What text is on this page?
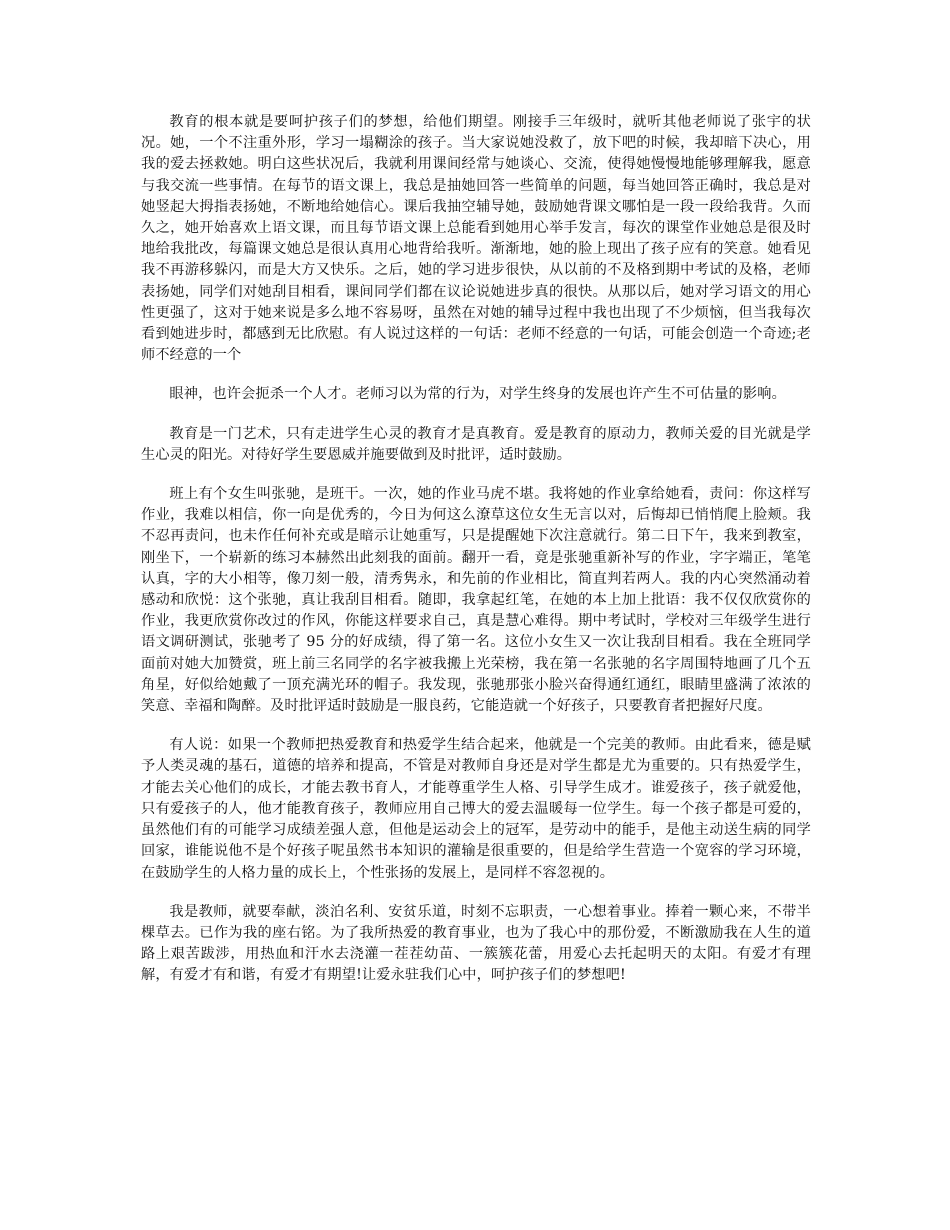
教育的根本就是要呵护孩子们的梦想，给他们期望。刚接手三年级时，就听其他老师说了张宇的状况。她，一个不注重外形，学习一塌糊涂的孩子。当大家说她没救了，放下吧的时候，我却暗下决心，用我的爱去拯救她。明白这些状况后，我就利用课间经常与她谈心、交流，使得她慢慢地能够理解我，愿意与我交流一些事情。在每节的语文课上，我总是抽她回答一些简单的问题，每当她回答正确时，我总是对她竖起大拇指表扬她，不断地给她信心。课后我抽空辅导她，鼓励她背课文哪怕是一段一段给我背。久而久之，她开始喜欢上语文课，而且每节语文课上总能看到她用心举手发言，每次的课堂作业她总是很及时地给我批改，每篇课文她总是很认真用心地背给我听。渐渐地，她的脸上现出了孩子应有的笑意。她看见我不再游移躲闪，而是大方又快乐。之后，她的学习进步很快，从以前的不及格到期中考试的及格，老师表扬她，同学们对她刮目相看，课间同学们都在议论说她进步真的很快。从那以后，她对学习语文的用心性更强了，这对于她来说是多么地不容易呀，虽然在对她的辅导过程中我也出现了不少烦恼，但当我每次看到她进步时，都感到无比欣慰。有人说过这样的一句话：老师不经意的一句话，可能会创造一个奇迹;老师不经意的一个

眼神，也许会扼杀一个人才。老师习以为常的行为，对学生终身的发展也许产生不可估量的影响。

教育是一门艺术，只有走进学生心灵的教育才是真教育。爱是教育的原动力，教师关爱的目光就是学生心灵的阳光。对待好学生要恩威并施要做到及时批评，适时鼓励。

班上有个女生叫张驰，是班干。一次，她的作业马虎不堪。我将她的作业拿给她看，责问：你这样写作业，我难以相信，你一向是优秀的，今日为何这么潦草这位女生无言以对，后悔却已悄悄爬上脸颊。我不忍再责问，也未作任何补充或是暗示让她重写，只是提醒她下次注意就行。第二日下午，我来到教室，刚坐下，一个崭新的练习本赫然出此刻我的面前。翻开一看，竟是张驰重新补写的作业，字字端正，笔笔认真，字的大小相等，像刀刻一般，清秀隽永，和先前的作业相比，简直判若两人。我的内心突然涌动着感动和欣悦：这个张驰，真让我刮目相看。随即，我拿起红笔，在她的本上加上批语：我不仅仅欣赏你的作业，我更欣赏你改过的作风，你能这样要求自己，真是慧心难得。期中考试时，学校对三年级学生进行语文调研测试，张驰考了 95 分的好成绩，得了第一名。这位小女生又一次让我刮目相看。我在全班同学面前对她大加赞赏，班上前三名同学的名字被我搬上光荣榜，我在第一名张驰的名字周围特地画了几个五角星，好似给她戴了一顶充满光环的帽子。我发现，张驰那张小脸兴奋得通红通红，眼睛里盛满了浓浓的笑意、幸福和陶醉。及时批评适时鼓励是一服良药，它能造就一个好孩子，只要教育者把握好尺度。

有人说：如果一个教师把热爱教育和热爱学生结合起来，他就是一个完美的教师。由此看来，德是赋予人类灵魂的基石，道德的培养和提高，不管是对教师自身还是对学生都是尤为重要的。只有热爱学生，才能去关心他们的成长，才能去教书育人，才能尊重学生人格、引导学生成才。谁爱孩子，孩子就爱他，只有爱孩子的人，他才能教育孩子，教师应用自己博大的爱去温暖每一位学生。每一个孩子都是可爱的，虽然他们有的可能学习成绩差强人意，但他是运动会上的冠军，是劳动中的能手，是他主动送生病的同学回家，谁能说他不是个好孩子呢虽然书本知识的灌输是很重要的，但是给学生营造一个宽容的学习环境，在鼓励学生的人格力量的成长上，个性张扬的发展上，是同样不容忽视的。

我是教师，就要奉献，淡泊名利、安贫乐道，时刻不忘职责，一心想着事业。捧着一颗心来，不带半棵草去。已作为我的座右铭。为了我所热爱的教育事业，也为了我心中的那份爱，不断激励我在人生的道路上艰苦跋涉，用热血和汗水去浇灌一茬茬幼苗、一簇簇花蕾，用爱心去托起明天的太阳。有爱才有理解，有爱才有和谐，有爱才有期望!让爱永驻我们心中，呵护孩子们的梦想吧!
